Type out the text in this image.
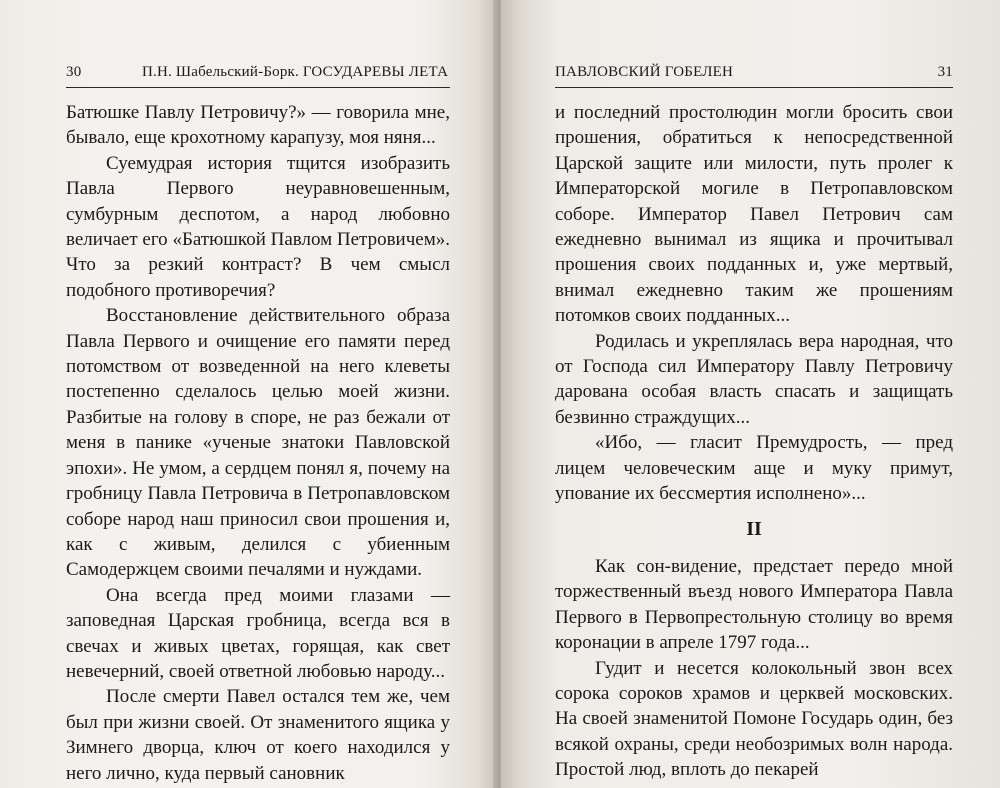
30	П.Н. Шабельский-Борк. ГОСУДАРЕВЫ ЛЕТА

Батюшке Павлу Петровичу?» — говорила мне, бывало, еще крохотному карапузу, моя няня...

Суемудрая история тщится изобразить Павла Первого неуравновешенным, сумбурным деспотом, а народ любовно величает его «Батюшкой Павлом Петровичем». Что за резкий контраст? В чем смысл подобного противоречия?

Восстановление действительного образа Павла Первого и очищение его памяти перед потомством от возведенной на него клеветы постепенно сделалось целью моей жизни. Разбитые на голову в споре, не раз бежали от меня в панике «ученые знатоки Павловской эпохи». Не умом, а сердцем понял я, почему на гробницу Павла Петровича в Петропавловском соборе народ наш приносил свои прошения и, как с живым, делился с убиенным Самодержцем своими печалями и нуждами.

Она всегда пред моими глазами — заповедная Царская гробница, всегда вся в свечах и живых цветах, горящая, как свет невечерний, своей ответной любовью народу...

После смерти Павел остался тем же, чем был при жизни своей. От знаменитого ящика у Зимнего дворца, ключ от коего находился у него лично, куда первый сановник

ПАВЛОВСКИЙ ГОБЕЛЕН	31

и последний простолюдин могли бросить свои прошения, обратиться к непосредственной Царской защите или милости, путь пролег к Императорской могиле в Петропавловском соборе. Император Павел Петрович сам ежедневно вынимал из ящика и прочитывал прошения своих подданных и, уже мертвый, внимал ежедневно таким же прошениям потомков своих подданных...

Родилась и укреплялась вера народная, что от Господа сил Императору Павлу Петровичу дарована особая власть спасать и защищать безвинно страждущих...

«Ибо, — гласит Премудрость, — пред лицем человеческим аще и муку примут, упование их бессмертия исполнено»...

II

Как сон-видение, предстает передо мной торжественный въезд нового Императора Павла Первого в Первопрестольную столицу во время коронации в апреле 1797 года...

Гудит и несется колокольный звон всех сорока сороков храмов и церквей московских. На своей знаменитой Помоне Государь один, без всякой охраны, среди необозримых волн народа. Простой люд, вплоть до пекарей
